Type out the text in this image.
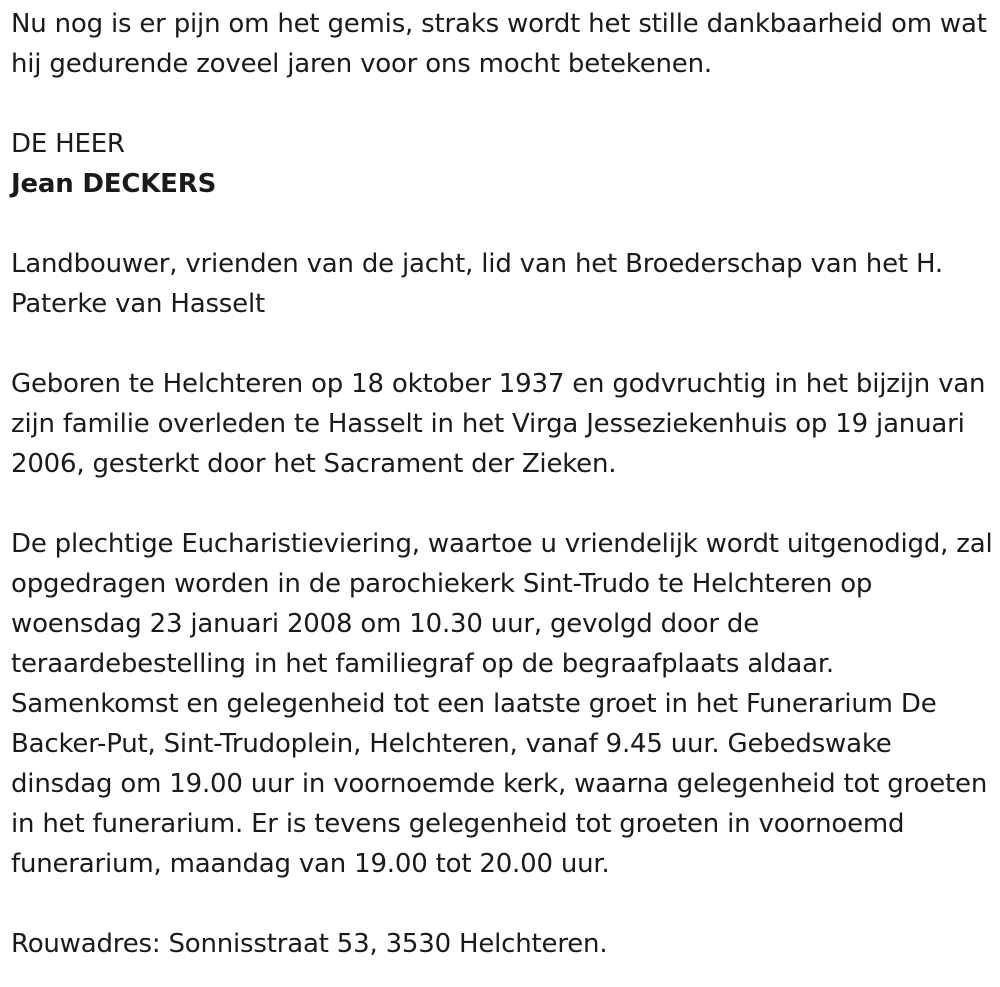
Nu nog is er pijn om het gemis, straks wordt het stille dankbaarheid om wat hij gedurende zoveel jaren voor ons mocht betekenen.

DE HEER

Jean DECKERS

Landbouwer, vrienden van de jacht, lid van het Broederschap van het H. Paterke van Hasselt

Geboren te Helchteren op 18 oktober 1937 en godvruchtig in het bijzijn van zijn familie overleden te Hasselt in het Virga Jesseziekenhuis op 19 januari 2006, gesterkt door het Sacrament der Zieken.

De plechtige Eucharistieviering, waartoe u vriendelijk wordt uitgenodigd, zal opgedragen worden in de parochiekerk Sint-Trudo te Helchteren op woensdag 23 januari 2008 om 10.30 uur, gevolgd door de teraardebestelling in het familiegraf op de begraafplaats aldaar. Samenkomst en gelegenheid tot een laatste groet in het Funerarium De Backer-Put, Sint-Trudoplein, Helchteren, vanaf 9.45 uur. Gebedswake dinsdag om 19.00 uur in voornoemde kerk, waarna gelegenheid tot groeten in het funerarium. Er is tevens gelegenheid tot groeten in voornoemd funerarium, maandag van 19.00 tot 20.00 uur.

Rouwadres: Sonnisstraat 53, 3530 Helchteren.
